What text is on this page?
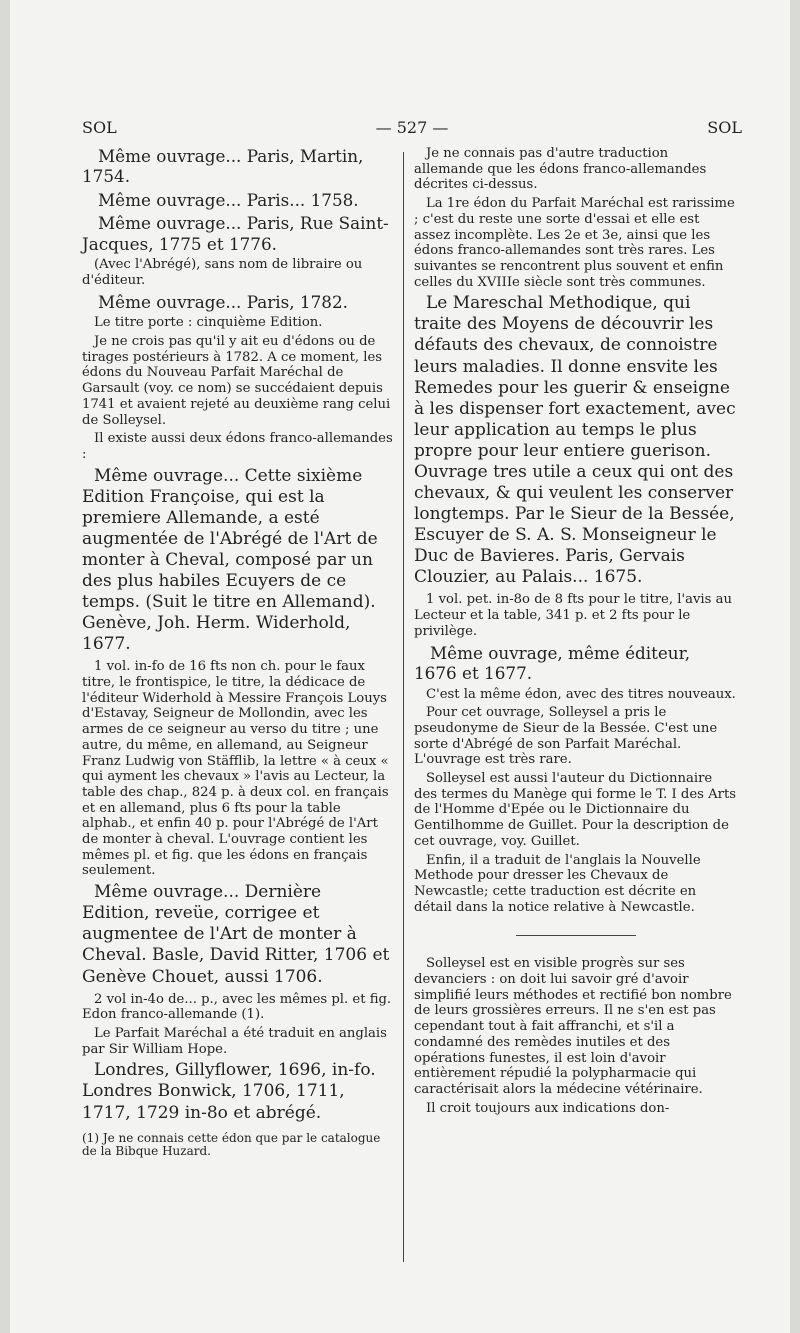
SOL	— 527 —	SOL

Même ouvrage... Paris, Martin, 1754.

Même ouvrage... Paris... 1758.

Même ouvrage... Paris, Rue Saint-Jacques, 1775 et 1776.

(Avec l'Abrégé), sans nom de libraire ou d'éditeur.

Même ouvrage... Paris, 1782.

Le titre porte : cinquième Edition.

Je ne crois pas qu'il y ait eu d'édons ou de tirages postérieurs à 1782. A ce moment, les édons du Nouveau Parfait Maréchal de Garsault (voy. ce nom) se succédaient depuis 1741 et avaient rejeté au deuxième rang celui de Solleysel.

Il existe aussi deux édons franco-allemandes :

Même ouvrage... Cette sixième Edition Françoise, qui est la premiere Allemande, a esté augmentée de l'Abrégé de l'Art de monter à Cheval, composé par un des plus habiles Ecuyers de ce temps. (Suit le titre en Allemand). Genève, Joh. Herm. Widerhold, 1677.

1 vol. in-fo de 16 fts non ch. pour le faux titre, le frontispice, le titre, la dédicace de l'éditeur Widerhold à Messire François Louys d'Estavay, Seigneur de Mollondin, avec les armes de ce seigneur au verso du titre ; une autre, du même, en allemand, au Seigneur Franz Ludwig von Stäfflib, la lettre « à ceux « qui ayment les chevaux » l'avis au Lecteur, la table des chap., 824 p. à deux col. en français et en allemand, plus 6 fts pour la table alphab., et enfin 40 p. pour l'Abrégé de l'Art de monter à cheval. L'ouvrage contient les mêmes pl. et fig. que les édons en français seulement.

Même ouvrage... Dernière Edition, reveüe, corrigee et augmentee de l'Art de monter à Cheval. Basle, David Ritter, 1706 et Genève Chouet, aussi 1706.

2 vol in-4o de... p., avec les mêmes pl. et fig. Edon franco-allemande (1).

Le Parfait Maréchal a été traduit en anglais par Sir William Hope.

Londres, Gillyflower, 1696, in-fo. Londres Bonwick, 1706, 1711, 1717, 1729 in-8o et abrégé.

(1) Je ne connais cette édon que par le catalogue de la Bibque Huzard.

Je ne connais pas d'autre traduction allemande que les édons franco-allemandes décrites ci-dessus.

La 1re édon du Parfait Maréchal est rarissime ; c'est du reste une sorte d'essai et elle est assez incomplète. Les 2e et 3e, ainsi que les édons franco-allemandes sont très rares. Les suivantes se rencontrent plus souvent et enfin celles du XVIIIe siècle sont très communes.

Le Mareschal Methodique, qui traite des Moyens de découvrir les défauts des chevaux, de connoistre leurs maladies. Il donne ensvite les Remedes pour les guerir & enseigne à les dispenser fort exactement, avec leur application au temps le plus propre pour leur entiere guerison. Ouvrage tres utile a ceux qui ont des chevaux, & qui veulent les conserver longtemps. Par le Sieur de la Bessée, Escuyer de S. A. S. Monseigneur le Duc de Bavieres. Paris, Gervais Clouzier, au Palais... 1675.

1 vol. pet. in-8o de 8 fts pour le titre, l'avis au Lecteur et la table, 341 p. et 2 fts pour le privilège.

Même ouvrage, même éditeur, 1676 et 1677.

C'est la même édon, avec des titres nouveaux.

Pour cet ouvrage, Solleysel a pris le pseudonyme de Sieur de la Bessée. C'est une sorte d'Abrégé de son Parfait Maréchal. L'ouvrage est très rare.

Solleysel est aussi l'auteur du Dictionnaire des termes du Manège qui forme le T. I des Arts de l'Homme d'Epée ou le Dictionnaire du Gentilhomme de Guillet. Pour la description de cet ouvrage, voy. Guillet.

Enfin, il a traduit de l'anglais la Nouvelle Methode pour dresser les Chevaux de Newcastle; cette traduction est décrite en détail dans la notice relative à Newcastle.

Solleysel est en visible progrès sur ses devanciers : on doit lui savoir gré d'avoir simplifié leurs méthodes et rectifié bon nombre de leurs grossières erreurs. Il ne s'en est pas cependant tout à fait affranchi, et s'il a condamné des remèdes inutiles et des opérations funestes, il est loin d'avoir entièrement répudié la polypharmacie qui caractérisait alors la médecine vétérinaire.

Il croit toujours aux indications don-
